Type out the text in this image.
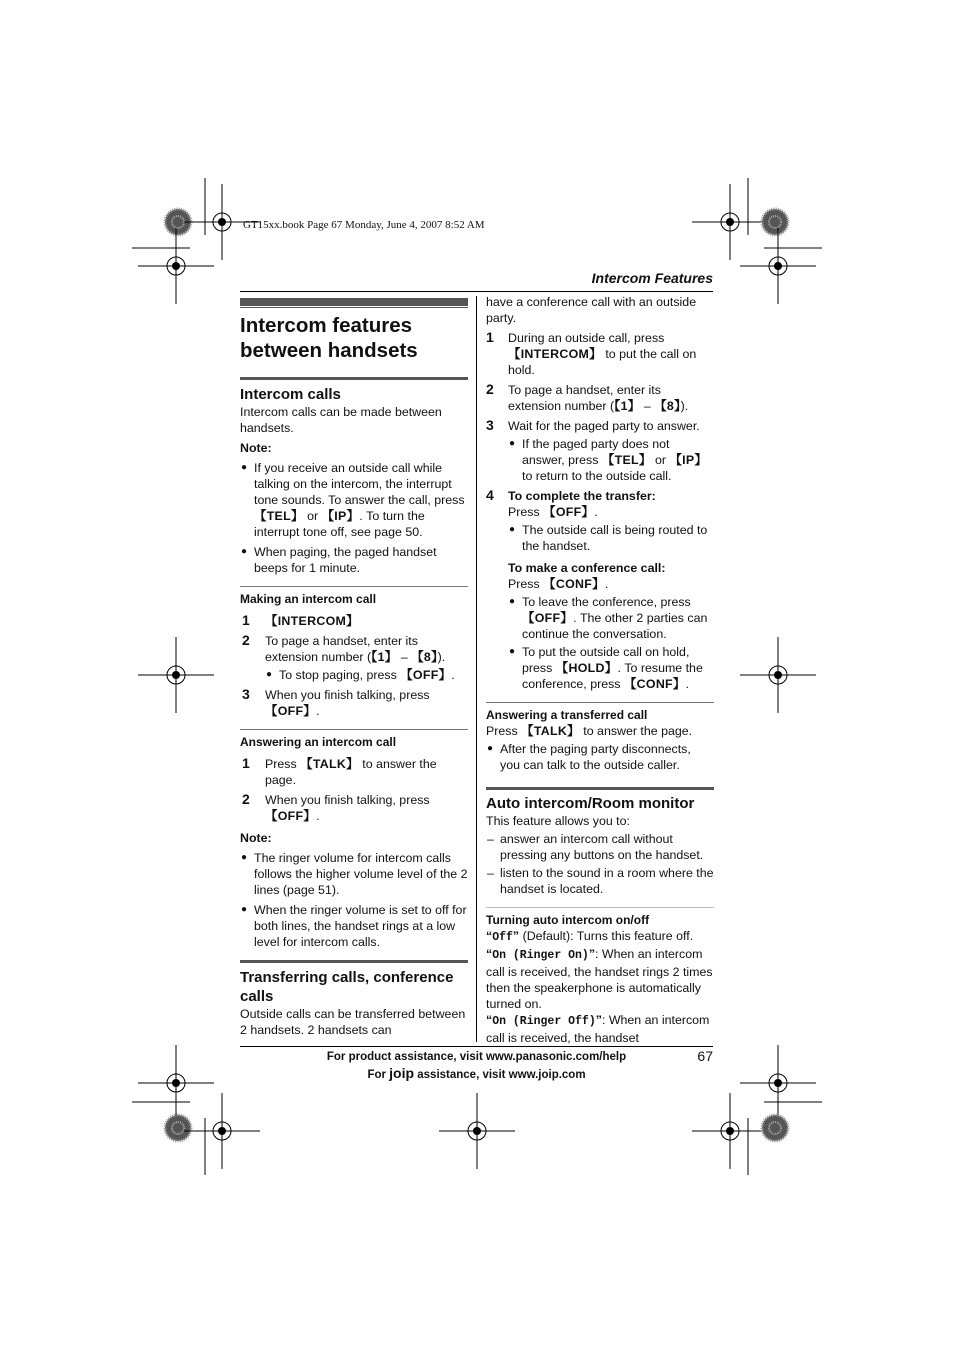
GT15xx.book Page 67 Monday, June 4, 2007 8:52 AM
Intercom Features
Intercom features between handsets
Intercom calls

Intercom calls can be made between handsets.

Note:

● If you receive an outside call while talking on the intercom, the interrupt tone sounds. To answer the call, press 【TEL】 or 【IP】. To turn the interrupt tone off, see page 50.
● When paging, the paged handset beeps for 1 minute.
Making an intercom call
1 【INTERCOM】
2 To page a handset, enter its extension number (【1】 – 【8】).
● To stop paging, press 【OFF】.
3 When you finish talking, press 【OFF】.
Answering an intercom call
1 Press 【TALK】 to answer the page.
2 When you finish talking, press 【OFF】.

Note:

● The ringer volume for intercom calls follows the higher volume level of the 2 lines (page 51).
● When the ringer volume is set to off for both lines, the handset rings at a low level for intercom calls.
Transferring calls, conference calls

Outside calls can be transferred between 2 handsets. 2 handsets can

have a conference call with an outside party.

1 During an outside call, press 【INTERCOM】 to put the call on hold.
2 To page a handset, enter its extension number (【1】 – 【8】).
3 Wait for the paged party to answer.
● If the paged party does not answer, press 【TEL】 or 【IP】 to return to the outside call.
4 To complete the transfer:
Press 【OFF】.
● The outside call is being routed to the handset.
To make a conference call:
Press 【CONF】.
● To leave the conference, press 【OFF】. The other 2 parties can continue the conversation.
● To put the outside call on hold, press 【HOLD】. To resume the conference, press 【CONF】.
Answering a transferred call

Press 【TALK】 to answer the page.

● After the paging party disconnects, you can talk to the outside caller.
Auto intercom/Room monitor

This feature allows you to:

– answer an intercom call without pressing any buttons on the handset.
– listen to the sound in a room where the handset is located.
Turning auto intercom on/off

“Off” (Default): Turns this feature off.

“On (Ringer On)”: When an intercom call is received, the handset rings 2 times then the speakerphone is automatically turned on.

“On (Ringer Off)”: When an intercom call is received, the handset

For product assistance, visit www.panasonic.com/help
For joip assistance, visit www.joip.com
67
